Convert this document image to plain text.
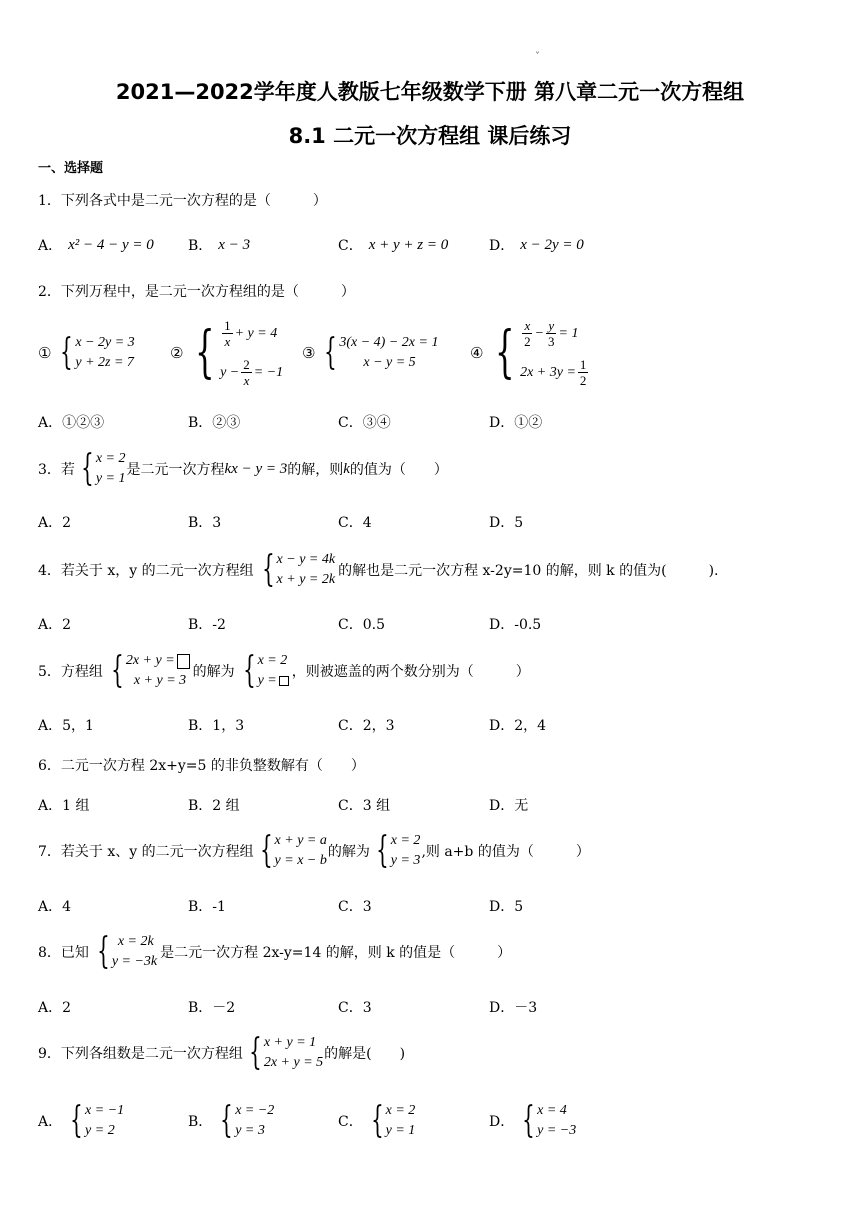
ˇ
2021—2022学年度人教版七年级数学下册 第八章二元一次方程组
8.1 二元一次方程组 课后练习
一、选择题
1．下列各式中是二元一次方程的是（　　　）
A． x² − 4 − y = 0 B． x − 3	C． x + y + z = 0	D． x − 2y = 0
2．下列万程中，是二元一次方程组的是（　　　）
① { x − 2y = 3
y + 2z = 7
② { $\frac{1}{x} + y = 4$
$y - \frac{2}{x} = -1$
③ { 3(x − 4) − 2x = 1
x − y = 5
④ { $\frac{x}{2} - \frac{y}{3} = 1$
$2x + 3y = \frac{1}{2}$
A．①②③	B．②③	C．③④	D．①②
3．若 { x = 2
y = 1
是二元一次方程 kx − y = 3 的解，则 k 的值为（　　）
A．2	B．3	C．4	D．5
4．若关于 x，y 的二元一次方程组 { x − y = 4k
x + y = 2k
的解也是二元一次方程 x-2y=10 的解，则 k 的值为(　　　).
A．2	B．-2	C．0.5	D．-0.5
5．方程组 { 2x + y =
x + y = 3
的解为 { x = 2
y =
，则被遮盖的两个数分别为（　　　）
A．5，1	B．1，3	C．2，3	D．2，4
6．二元一次方程 2x+y=5 的非负整数解有（　　）
A．1 组	B．2 组	C．3 组	D．无
7．若关于 x、y 的二元一次方程组 { x + y = a
y = x − b
的解为 { x = 2
y = 3
,则 a+b 的值为（　　　）
A．4	B．-1	C．3	D．5
8．已知 { x = 2k
y = −3k
是二元一次方程 2x-y=14 的解，则 k 的值是（　　　）
A．2	B．－2	C．3	D．－3
9．下列各组数是二元一次方程组 { x + y = 1
2x + y = 5
的解是(　　)
A． { x = −1
y = 2
B． { x = −2
y = 3
C． { x = 2
y = 1
D． { x = 4
y = −3
